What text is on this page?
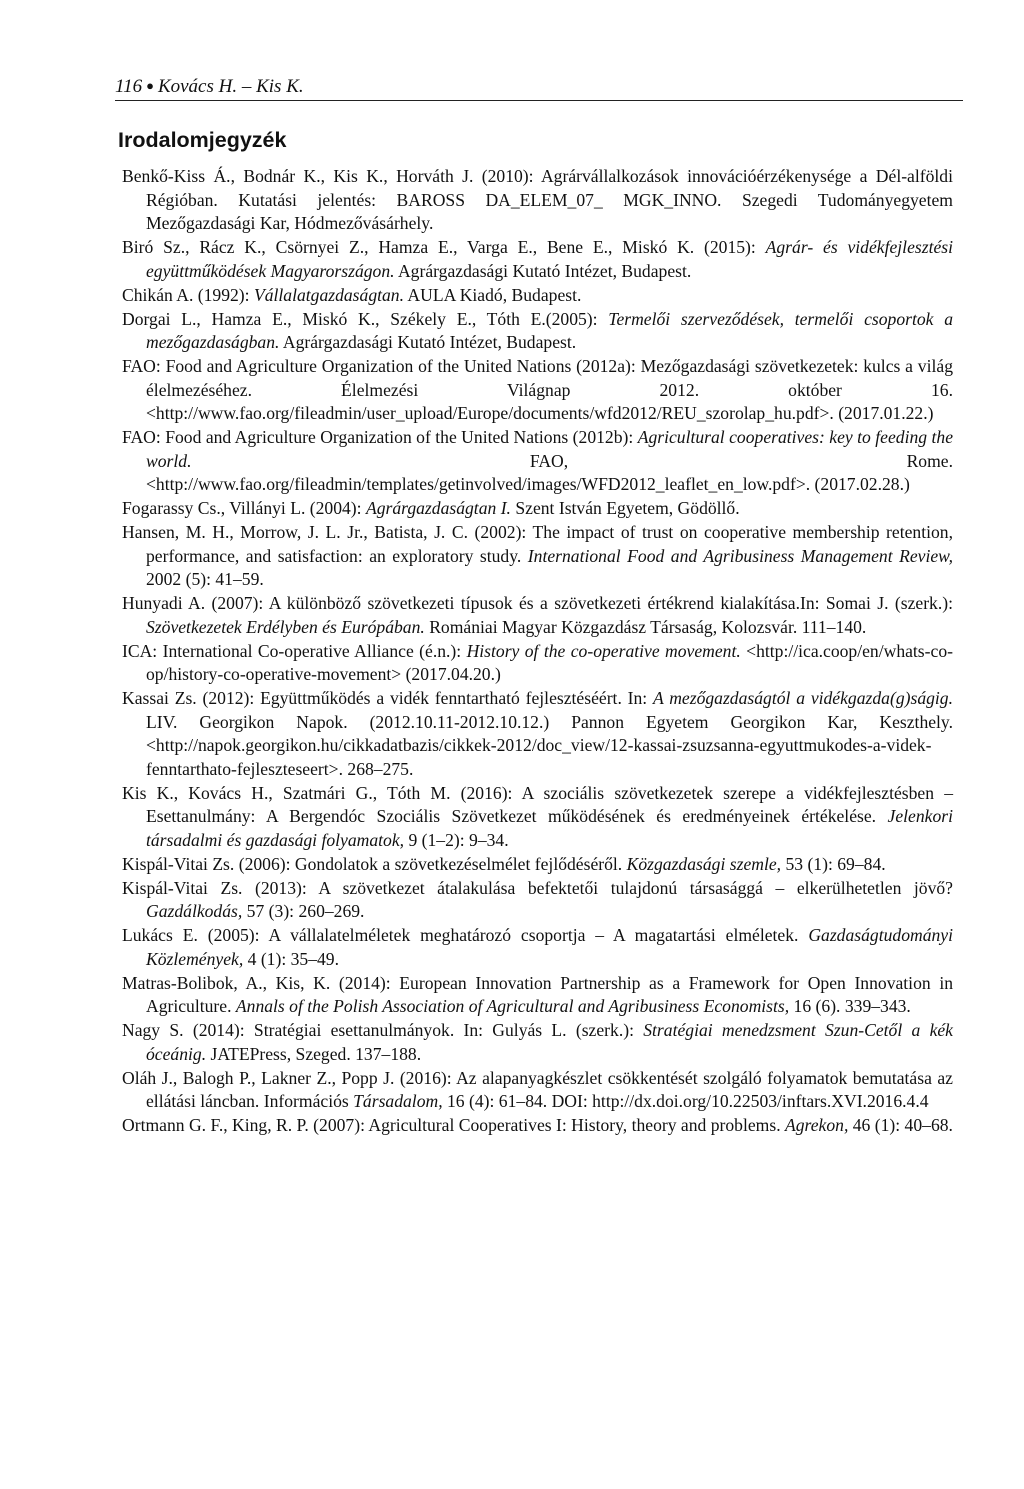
116 ● Kovács H. – Kis K.
Irodalomjegyzék
Benkő-Kiss Á., Bodnár K., Kis K., Horváth J. (2010): Agrárvállalkozások innovációérzékenysége a Dél-alföldi Régióban. Kutatási jelentés: BAROSS DA_ELEM_07_ MGK_INNO. Szegedi Tudományegyetem Mezőgazdasági Kar, Hódmezővásárhely.
Biró Sz., Rácz K., Csörnyei Z., Hamza E., Varga E., Bene E., Miskó K. (2015): Agrár- és vidékfejlesztési együttműködések Magyarországon. Agrárgazdasági Kutató Intézet, Budapest.
Chikán A. (1992): Vállalatgazdaságtan. AULA Kiadó, Budapest.
Dorgai L., Hamza E., Miskó K., Székely E., Tóth E.(2005): Termelői szerveződések, termelői csoportok a mezőgazdaságban. Agrárgazdasági Kutató Intézet, Budapest.
FAO: Food and Agriculture Organization of the United Nations (2012a): Mezőgazdasági szövetkezetek: kulcs a világ élelmezéséhez. Élelmezési Világnap 2012. október 16. <http://www.fao.org/fileadmin/user_upload/Europe/documents/wfd2012/REU_szorolap_hu.pdf>. (2017.01.22.)
FAO: Food and Agriculture Organization of the United Nations (2012b): Agricultural cooperatives: key to feeding the world. FAO, Rome. <http://www.fao.org/fileadmin/templates/getinvolved/images/WFD2012_leaflet_en_low.pdf>. (2017.02.28.)
Fogarassy Cs., Villányi L. (2004): Agrárgazdaságtan I. Szent István Egyetem, Gödöllő.
Hansen, M. H., Morrow, J. L. Jr., Batista, J. C. (2002): The impact of trust on cooperative membership retention, performance, and satisfaction: an exploratory study. International Food and Agribusiness Management Review, 2002 (5): 41–59.
Hunyadi A. (2007): A különböző szövetkezeti típusok és a szövetkezeti értékrend kialakítása.In: Somai J. (szerk.): Szövetkezetek Erdélyben és Európában. Romániai Magyar Közgazdász Társaság, Kolozsvár. 111–140.
ICA: International Co-operative Alliance (é.n.): History of the co-operative movement. <http://ica.coop/en/whats-co-op/history-co-operative-movement> (2017.04.20.)
Kassai Zs. (2012): Együttműködés a vidék fenntartható fejlesztéséért. In: A mezőgazdaságtól a vidékgazda(g)ságig. LIV. Georgikon Napok. (2012.10.11-2012.10.12.) Pannon Egyetem Georgikon Kar, Keszthely. <http://napok.georgikon.hu/cikkadatbazis/cikkek-2012/doc_view/12-kassai-zsuzsanna-egyuttmukodes-a-videk-fenntarthato-fejleszteseert>. 268–275.
Kis K., Kovács H., Szatmári G., Tóth M. (2016): A szociális szövetkezetek szerepe a vidékfejlesztésben – Esettanulmány: A Bergendóc Szociális Szövetkezet működésének és eredményeinek értékelése. Jelenkori társadalmi és gazdasági folyamatok, 9 (1–2): 9–34.
Kispál-Vitai Zs. (2006): Gondolatok a szövetkezéselmélet fejlődéséről. Közgazdasági szemle, 53 (1): 69–84.
Kispál-Vitai Zs. (2013): A szövetkezet átalakulása befektetői tulajdonú társasággá – elkerülhetetlen jövő? Gazdálkodás, 57 (3): 260–269.
Lukács E. (2005): A vállalatelméletek meghatározó csoportja – A magatartási elméletek. Gazdaságtudományi Közlemények, 4 (1): 35–49.
Matras-Bolibok, A., Kis, K. (2014): European Innovation Partnership as a Framework for Open Innovation in Agriculture. Annals of the Polish Association of Agricultural and Agribusiness Economists, 16 (6). 339–343.
Nagy S. (2014): Stratégiai esettanulmányok. In: Gulyás L. (szerk.): Stratégiai menedzsment Szun-Cetől a kék óceánig. JATEPress, Szeged. 137–188.
Oláh J., Balogh P., Lakner Z., Popp J. (2016): Az alapanyagkészlet csökkentését szolgáló folyamatok bemutatása az ellátási láncban. Információs Társadalom, 16 (4): 61–84. DOI: http://dx.doi.org/10.22503/inftars.XVI.2016.4.4
Ortmann G. F., King, R. P. (2007): Agricultural Cooperatives I: History, theory and problems. Agrekon, 46 (1): 40–68.
